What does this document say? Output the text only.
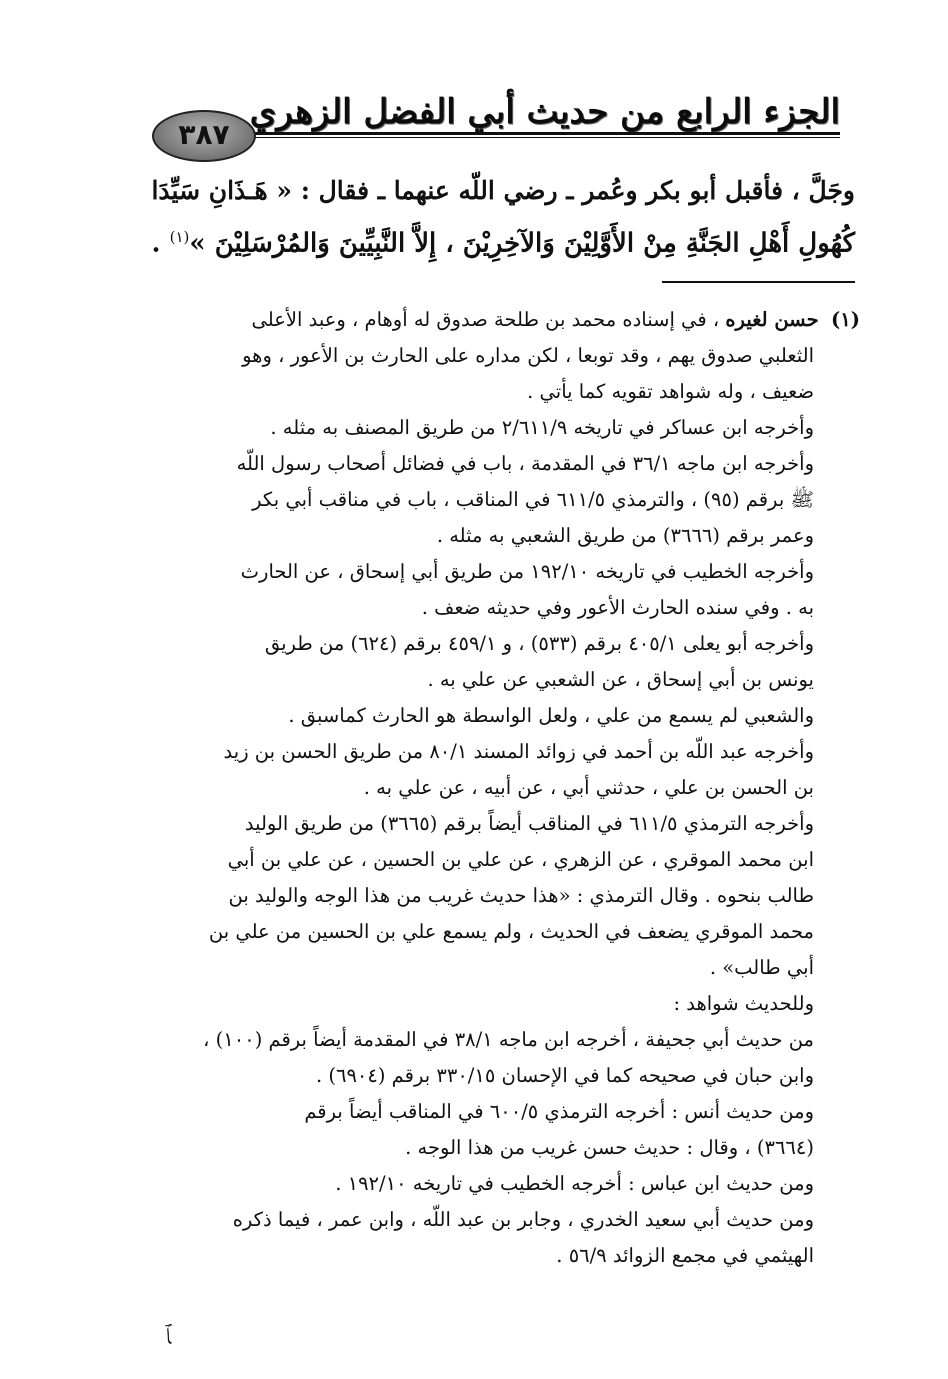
الجزء الرابع من حديث أبي الفضل الزهري
٣٨٧
وجَلَّ ، فأقبل أبو بكر وعُمر ـ رضي اللّه عنهما ـ فقال : « هَـذَانِ سَيِّدَا
كُهُولِ أَهْلِ الجَنَّةِ مِنْ الأَوَّلِيْنَ وَالآخِرِيْنَ ، إِلاَّ النَّبِيِّينَ وَالمُرْسَلِيْنَ »$^{(١)}$ .
(١)  حسن لغيره ، في إسناده محمد بن طلحة صدوق له أوهام ، وعبد الأعلى
الثعلبي صدوق يهم ، وقد توبعا ، لكن مداره على الحارث بن الأعور ، وهو
ضعيف ، وله شواهد تقويه كما يأتي .
وأخرجه ابن عساكر في تاريخه ٢/٦١١/٩ من طريق المصنف به مثله .
وأخرجه ابن ماجه ٣٦/١ في المقدمة ، باب في فضائل أصحاب رسول اللّه
ﷺ برقم (٩٥) ، والترمذي ٦١١/٥ في المناقب ، باب في مناقب أبي بكر
وعمر برقم (٣٦٦٦) من طريق الشعبي به مثله .
وأخرجه الخطيب في تاريخه ١٩٢/١٠ من طريق أبي إسحاق ، عن الحارث
به . وفي سنده الحارث الأعور وفي حديثه ضعف .
وأخرجه أبو يعلى ٤٠٥/١ برقم (٥٣٣) ، و ٤٥٩/١ برقم (٦٢٤) من طريق
يونس بن أبي إسحاق ، عن الشعبي عن علي به .
والشعبي لم يسمع من علي ، ولعل الواسطة هو الحارث كماسبق .
وأخرجه عبد اللّه بن أحمد في زوائد المسند ٨٠/١ من طريق الحسن بن زيد
بن الحسن بن علي ، حدثني أبي ، عن أبيه ، عن علي به .
وأخرجه الترمذي ٦١١/٥ في المناقب أيضاً برقم (٣٦٦٥) من طريق الوليد
ابن محمد الموقري ، عن الزهري ، عن علي بن الحسين ، عن علي بن أبي
طالب بنحوه . وقال الترمذي : «هذا حديث غريب من هذا الوجه والوليد بن
محمد الموقري يضعف في الحديث ، ولم يسمع علي بن الحسين من علي بن
أبي طالب» .
وللحديث شواهد :
من حديث أبي جحيفة ، أخرجه ابن ماجه ٣٨/١ في المقدمة أيضاً برقم (١٠٠) ،
وابن حبان في صحيحه كما في الإحسان ٣٣٠/١٥ برقم (٦٩٠٤) .
ومن حديث أنس : أخرجه الترمذي ٦٠٠/٥ في المناقب أيضاً برقم
(٣٦٦٤) ، وقال : حديث حسن غريب من هذا الوجه .
ومن حديث ابن عباس : أخرجه الخطيب في تاريخه ١٩٢/١٠ .
ومن حديث أبي سعيد الخدري ، وجابر بن عبد اللّه ، وابن عمر ، فيما ذكره
الهيثمي في مجمع الزوائد ٥٦/٩ .
ﭑ
